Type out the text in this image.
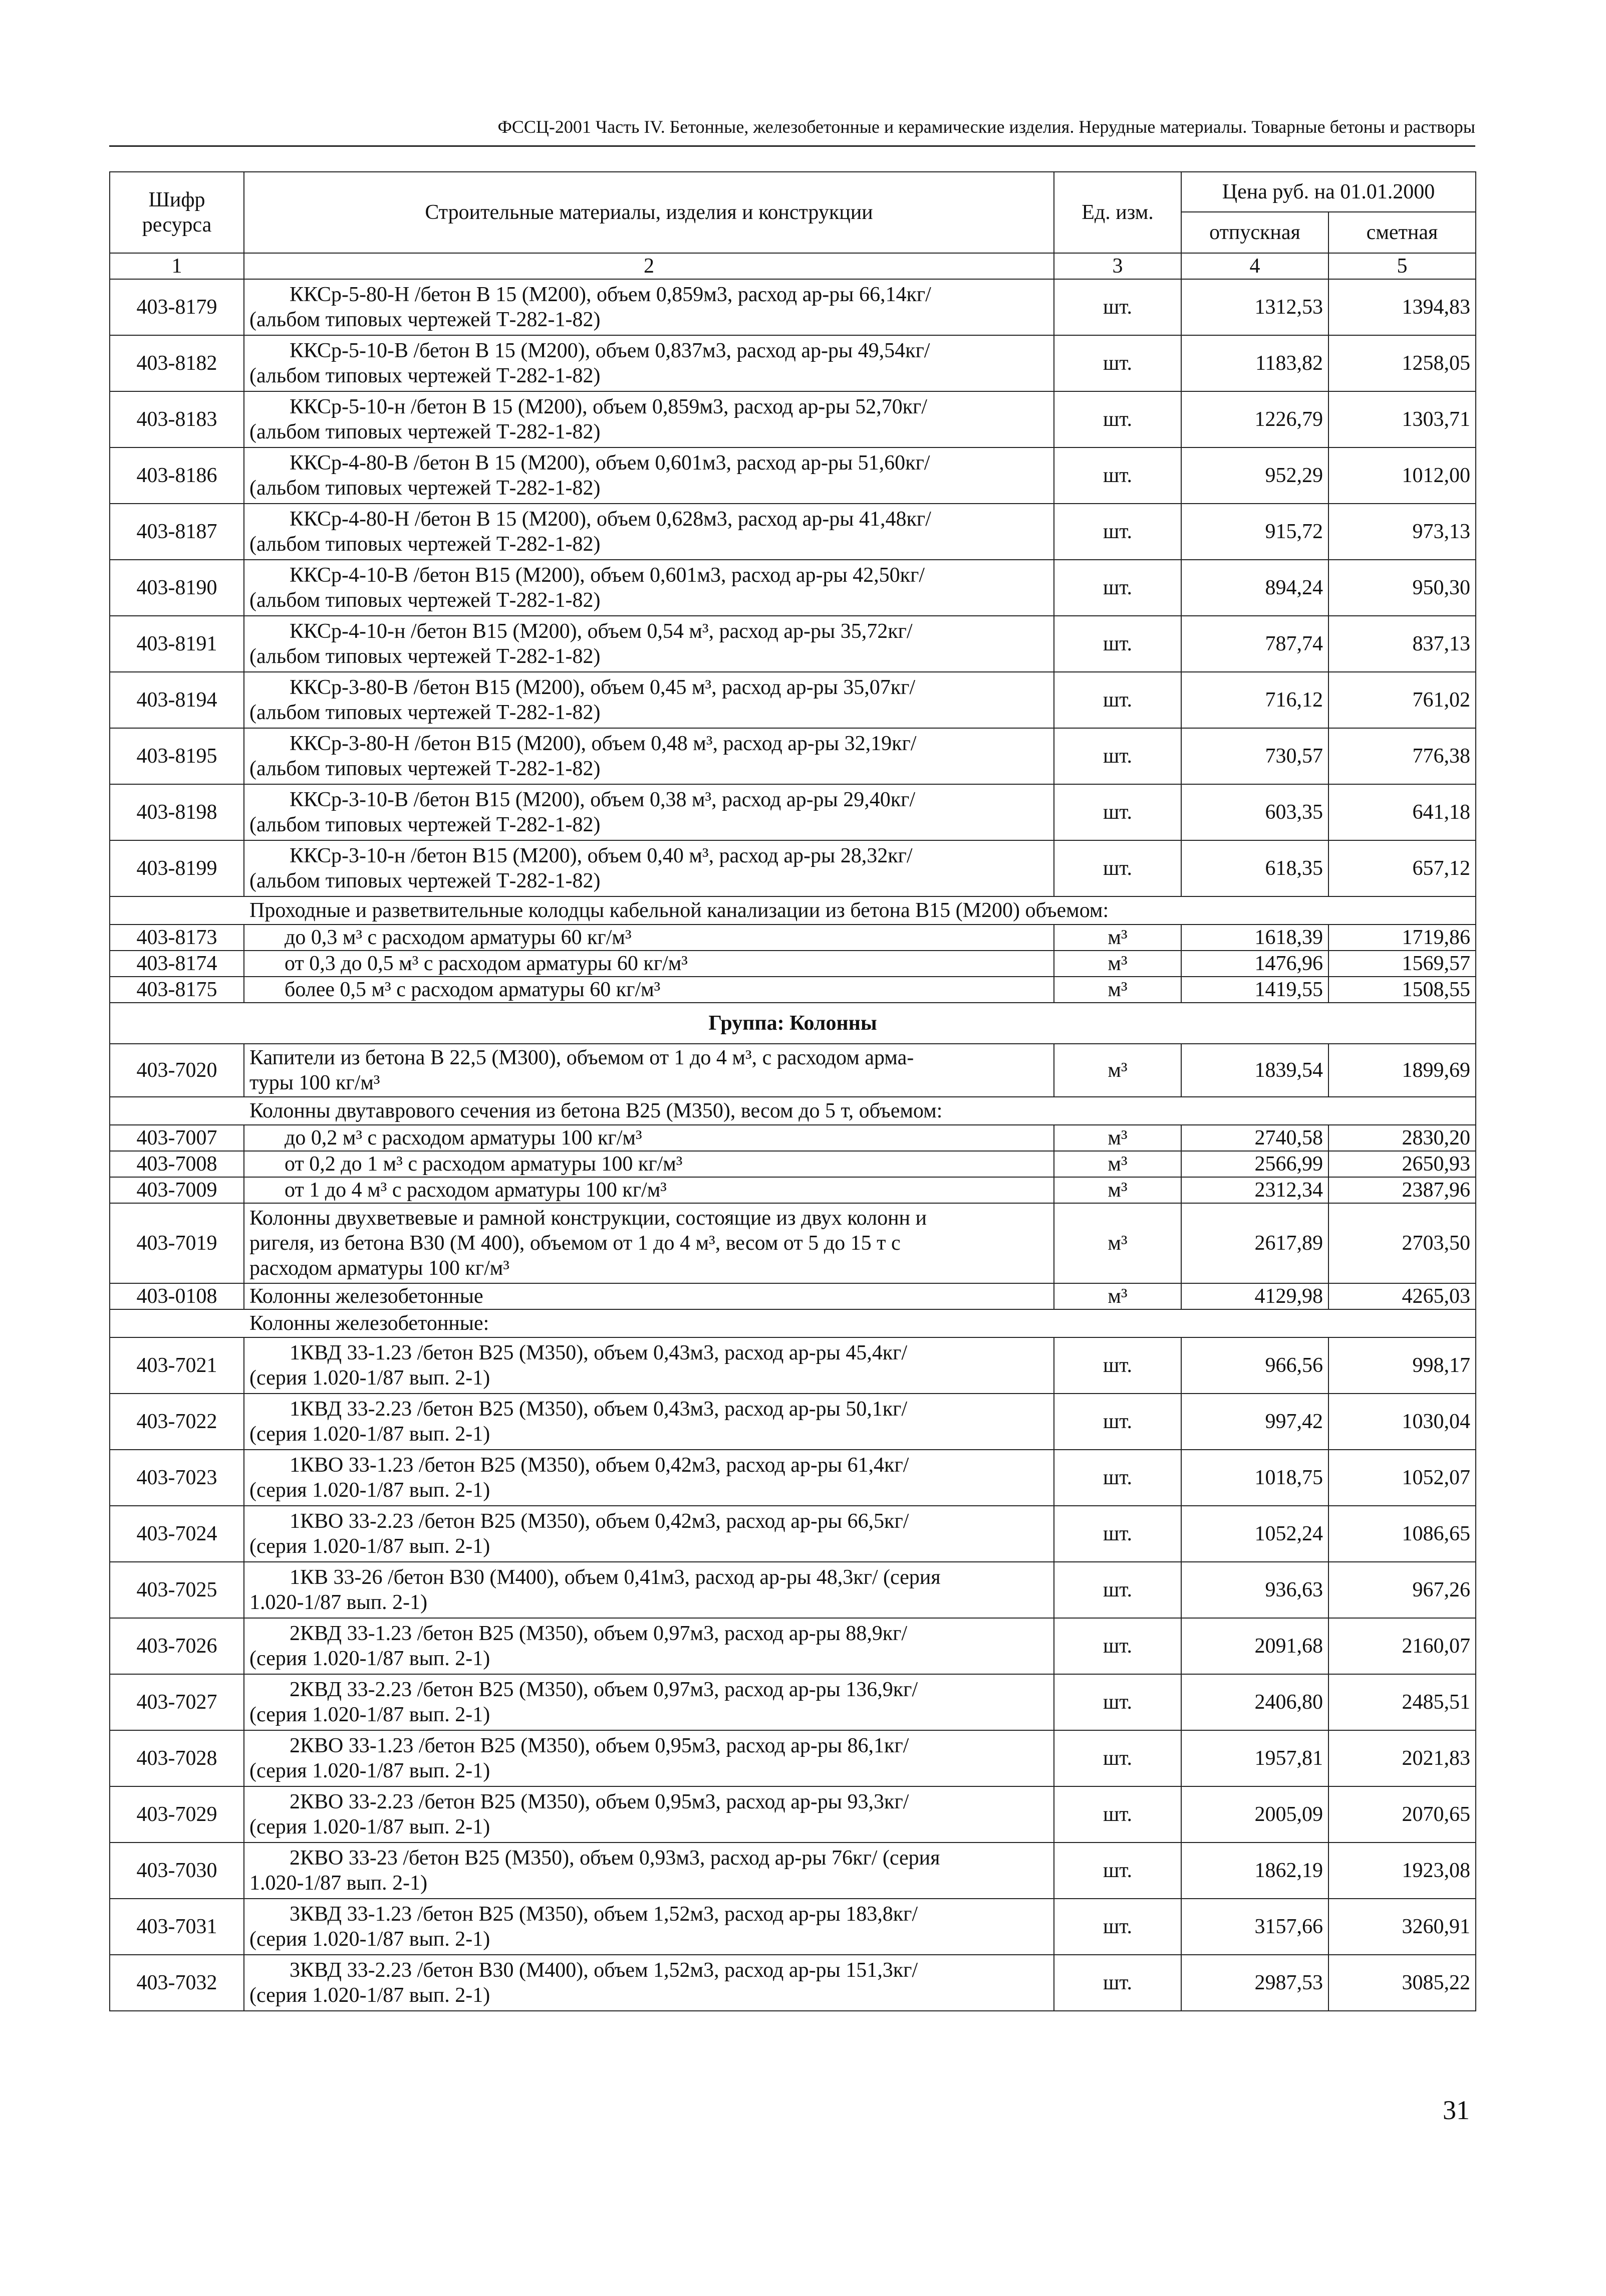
ФССЦ-2001 Часть IV. Бетонные, железобетонные и керамические изделия. Нерудные материалы. Товарные бетоны и растворы
Шифр ресурса	Строительные материалы, изделия и конструкции	Ед. изм.	Цена руб. на 01.01.2000	
			отпускная	сметная
1	2	3	4	5
403-8179	ККСр-5-80-Н /бетон В 15 (М200), объем 0,859м3, расход ар-ры 66,14кг/
(альбом типовых чертежей Т-282-1-82)	шт.	1312,53	1394,83
403-8182	ККСр-5-10-В /бетон В 15 (М200), объем 0,837м3, расход ар-ры 49,54кг/
(альбом типовых чертежей Т-282-1-82)	шт.	1183,82	1258,05
403-8183	ККСр-5-10-н /бетон В 15 (М200), объем 0,859м3, расход ар-ры 52,70кг/
(альбом типовых чертежей Т-282-1-82)	шт.	1226,79	1303,71
403-8186	ККСр-4-80-В /бетон В 15 (М200), объем 0,601м3, расход ар-ры 51,60кг/
(альбом типовых чертежей Т-282-1-82)	шт.	952,29	1012,00
403-8187	ККСр-4-80-Н /бетон В 15 (М200), объем 0,628м3, расход ар-ры 41,48кг/
(альбом типовых чертежей Т-282-1-82)	шт.	915,72	973,13
403-8190	ККСр-4-10-В /бетон В15 (М200), объем 0,601м3, расход ар-ры 42,50кг/
(альбом типовых чертежей Т-282-1-82)	шт.	894,24	950,30
403-8191	ККСр-4-10-н /бетон В15 (М200), объем 0,54 м³, расход ар-ры 35,72кг/
(альбом типовых чертежей Т-282-1-82)	шт.	787,74	837,13
403-8194	ККСр-3-80-В /бетон В15 (М200), объем 0,45 м³, расход ар-ры 35,07кг/
(альбом типовых чертежей Т-282-1-82)	шт.	716,12	761,02
403-8195	ККСр-3-80-Н /бетон В15 (М200), объем 0,48 м³, расход ар-ры 32,19кг/
(альбом типовых чертежей Т-282-1-82)	шт.	730,57	776,38
403-8198	ККСр-3-10-В /бетон В15 (М200), объем 0,38 м³, расход ар-ры 29,40кг/
(альбом типовых чертежей Т-282-1-82)	шт.	603,35	641,18
403-8199	ККСр-3-10-н /бетон В15 (М200), объем 0,40 м³, расход ар-ры 28,32кг/
(альбом типовых чертежей Т-282-1-82)	шт.	618,35	657,12
Проходные и разветвительные колодцы кабельной канализации из бетона В15 (М200) объемом:				
403-8173	до 0,3 м³ с расходом арматуры 60 кг/м³	м³	1618,39	1719,86
403-8174	от 0,3 до 0,5 м³ с расходом арматуры 60 кг/м³	м³	1476,96	1569,57
403-8175	более 0,5 м³ с расходом арматуры 60 кг/м³	м³	1419,55	1508,55
Группа: Колонны				
403-7020	Капители из бетона В 22,5 (М300), объемом от 1 до 4 м³, с расходом арма-
туры 100 кг/м³	м³	1839,54	1899,69
Колонны двутаврового сечения из бетона В25 (М350), весом до 5 т, объемом:				
403-7007	до 0,2 м³ с расходом арматуры 100 кг/м³	м³	2740,58	2830,20
403-7008	от 0,2 до 1 м³ с расходом арматуры 100 кг/м³	м³	2566,99	2650,93
403-7009	от 1 до 4 м³ с расходом арматуры 100 кг/м³	м³	2312,34	2387,96
403-7019	Колонны двухветвевые и рамной конструкции, состоящие из двух колонн и
ригеля, из бетона В30 (М 400), объемом от 1 до 4 м³, весом от 5 до 15 т с
расходом арматуры 100 кг/м³	м³	2617,89	2703,50
403-0108	Колонны железобетонные	м³	4129,98	4265,03
Колонны железобетонные:				
403-7021	1КВД 33-1.23 /бетон В25 (М350), объем 0,43м3, расход ар-ры 45,4кг/
(серия 1.020-1/87 вып. 2-1)	шт.	966,56	998,17
403-7022	1КВД 33-2.23 /бетон В25 (М350), объем 0,43м3, расход ар-ры 50,1кг/
(серия 1.020-1/87 вып. 2-1)	шт.	997,42	1030,04
403-7023	1КВО 33-1.23 /бетон В25 (М350), объем 0,42м3, расход ар-ры 61,4кг/
(серия 1.020-1/87 вып. 2-1)	шт.	1018,75	1052,07
403-7024	1КВО 33-2.23 /бетон В25 (М350), объем 0,42м3, расход ар-ры 66,5кг/
(серия 1.020-1/87 вып. 2-1)	шт.	1052,24	1086,65
403-7025	1КВ 33-26 /бетон В30 (М400), объем 0,41м3, расход ар-ры 48,3кг/ (серия
1.020-1/87 вып. 2-1)	шт.	936,63	967,26
403-7026	2КВД 33-1.23 /бетон В25 (М350), объем 0,97м3, расход ар-ры 88,9кг/
(серия 1.020-1/87 вып. 2-1)	шт.	2091,68	2160,07
403-7027	2КВД 33-2.23 /бетон В25 (М350), объем 0,97м3, расход ар-ры 136,9кг/
(серия 1.020-1/87 вып. 2-1)	шт.	2406,80	2485,51
403-7028	2КВО 33-1.23 /бетон В25 (М350), объем 0,95м3, расход ар-ры 86,1кг/
(серия 1.020-1/87 вып. 2-1)	шт.	1957,81	2021,83
403-7029	2КВО 33-2.23 /бетон В25 (М350), объем 0,95м3, расход ар-ры 93,3кг/
(серия 1.020-1/87 вып. 2-1)	шт.	2005,09	2070,65
403-7030	2КВО 33-23 /бетон В25 (М350), объем 0,93м3, расход ар-ры 76кг/ (серия
1.020-1/87 вып. 2-1)	шт.	1862,19	1923,08
403-7031	3КВД 33-1.23 /бетон В25 (М350), объем 1,52м3, расход ар-ры 183,8кг/
(серия 1.020-1/87 вып. 2-1)	шт.	3157,66	3260,91
403-7032	3КВД 33-2.23 /бетон В30 (М400), объем 1,52м3, расход ар-ры 151,3кг/
(серия 1.020-1/87 вып. 2-1)	шт.	2987,53	3085,22
31
